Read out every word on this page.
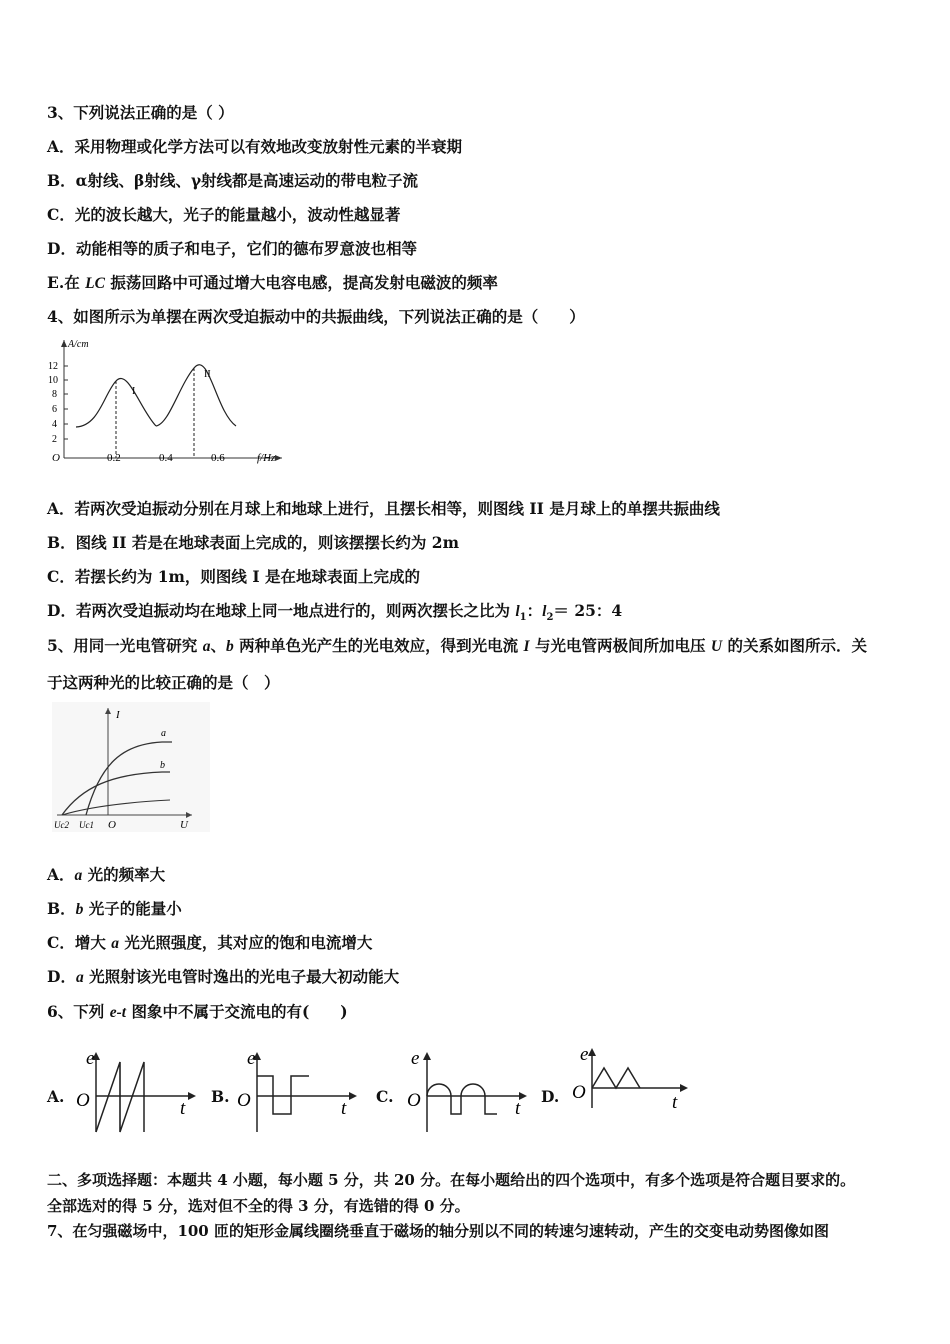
3、下列说法正确的是（ ）
A．采用物理或化学方法可以有效地改变放射性元素的半衰期
B．α射线、β射线、γ射线都是高速运动的带电粒子流
C．光的波长越大，光子的能量越小，波动性越显著
D．动能相等的质子和电子，它们的德布罗意波也相等
E.在 LC 振荡回路中可通过增大电容电感，提高发射电磁波的频率
4、如图所示为单摆在两次受迫振动中的共振曲线，下列说法正确的是（　　）
A/cm
12
10
8
6
4
2
0.2	0.4	0.6	f/Hz
O
I
II
A．若两次受迫振动分别在月球上和地球上进行，且摆长相等，则图线 II 是月球上的单摆共振曲线
B．图线 II 若是在地球表面上完成的，则该摆摆长约为 2m
C．若摆长约为 1m，则图线 I 是在地球表面上完成的
D．若两次受迫振动均在地球上同一地点进行的，则两次摆长之比为 $l_1$：$l_2= 25$：4
5、用同一光电管研究 a、b 两种单色光产生的光电效应，得到光电流 I 与光电管两极间所加电压 U 的关系如图所示．关
于这两种光的比较正确的是（　）
I
U
O
a
b
Uc2 Uc1
A．a 光的频率大
B．b 光子的能量小
C．增大 a 光光照强度，其对应的饱和电流增大
D．a 光照射该光电管时逸出的光电子最大初动能大
6、下列 e-t 图象中不属于交流电的有(　　)
A.
e
O	t
B.
e
O	t
C.
e
O	t
D.
e
O	t
二、多项选择题：本题共 4 小题，每小题 5 分，共 20 分。在每小题给出的四个选项中，有多个选项是符合题目要求的。
全部选对的得 5 分，选对但不全的得 3 分，有选错的得 0 分。
7、在匀强磁场中，100 匝的矩形金属线圈绕垂直于磁场的轴分别以不同的转速匀速转动，产生的交变电动势图像如图
